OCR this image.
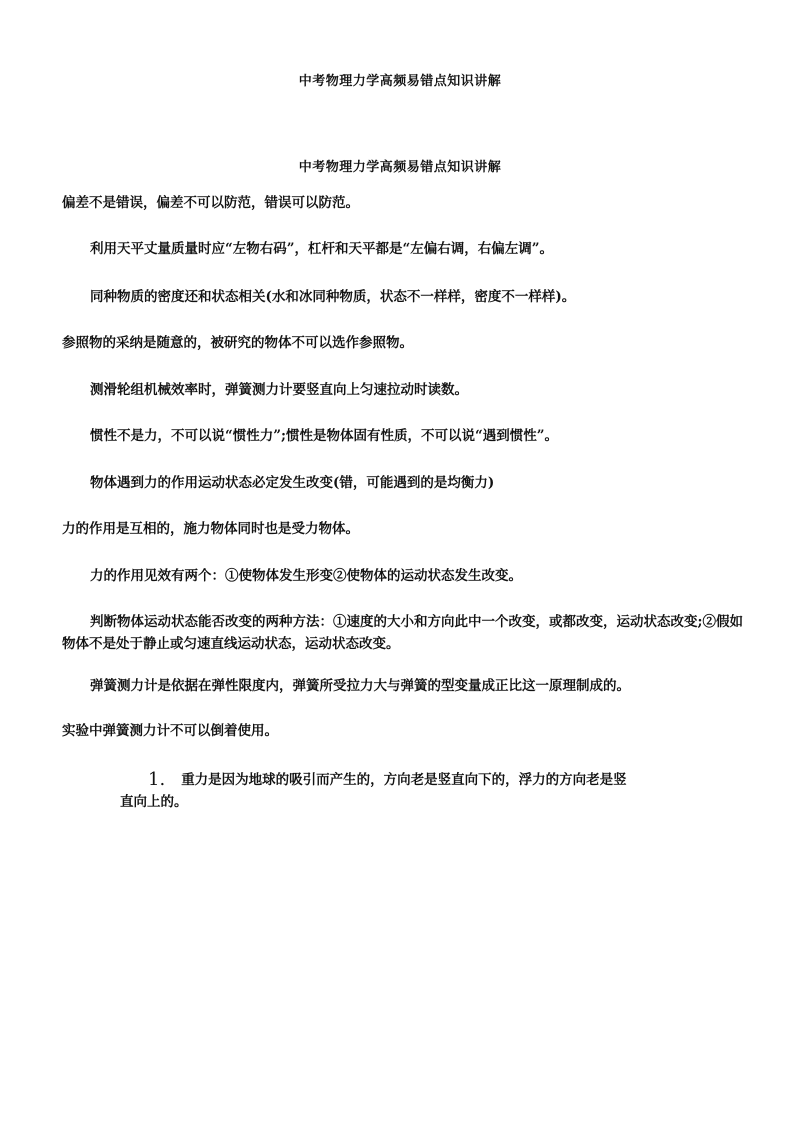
中考物理力学高频易错点知识讲解
中考物理力学高频易错点知识讲解
偏差不是错误，偏差不可以防范，错误可以防范。
利用天平丈量质量时应“左物右码”，杠杆和天平都是“左偏右调，右偏左调”。
同种物质的密度还和状态相关(水和冰同种物质，状态不一样样，密度不一样样)。
参照物的采纳是随意的，被研究的物体不可以选作参照物。
测滑轮组机械效率时，弹簧测力计要竖直向上匀速拉动时读数。
惯性不是力，不可以说“惯性力”;惯性是物体固有性质，不可以说“遇到惯性”。
物体遇到力的作用运动状态必定发生改变(错，可能遇到的是均衡力)
力的作用是互相的，施力物体同时也是受力物体。
力的作用见效有两个：①使物体发生形变②使物体的运动状态发生改变。
判断物体运动状态能否改变的两种方法：①速度的大小和方向此中一个改变，或都改变，运动状态改变;②假如
物体不是处于静止或匀速直线运动状态，运动状态改变。
弹簧测力计是依据在弹性限度内，弹簧所受拉力大与弹簧的型变量成正比这一原理制成的。
实验中弹簧测力计不可以倒着使用。
1. 重力是因为地球的吸引而产生的，方向老是竖直向下的，浮力的方向老是竖
直向上的。
